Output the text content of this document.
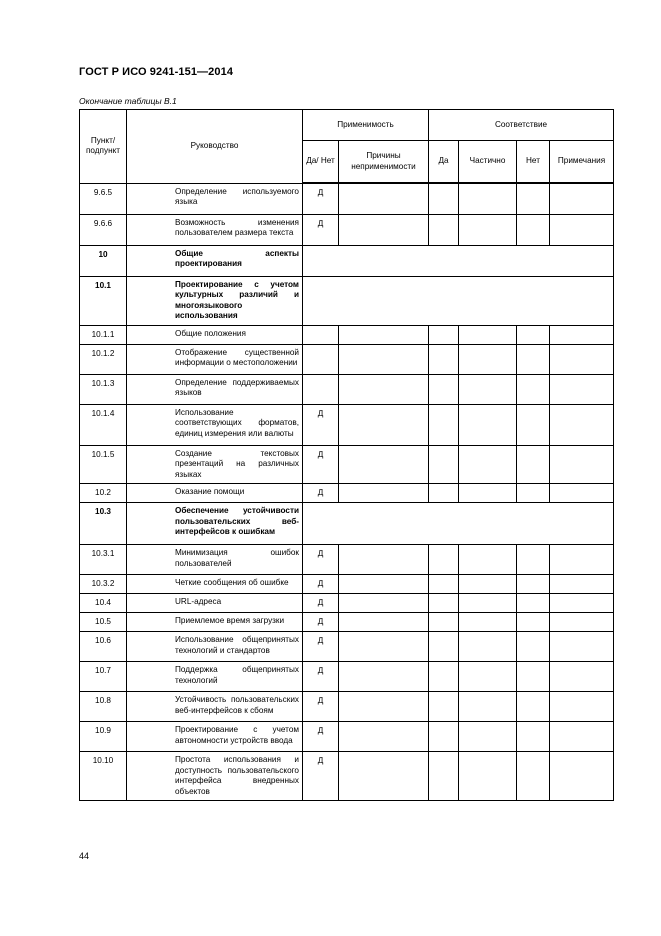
ГОСТ Р ИСО 9241-151—2014
Окончание таблицы В.1
Пункт/ подпункт	Руководство	Применимость		Соответствие			
		Да/ Нет	Причины неприменимости	Да	Частично	Нет	Примечания
9.6.5	Определение используемого языка	Д					
9.6.6	Возможность изменения пользователем размера текста	Д					
10	Общие аспекты проектирования						
10.1	Проектирование с учетом культурных различий и многоязыкового использования						
10.1.1	Общие положения						
10.1.2	Отображение существенной информации о местоположении						
10.1.3	Определение поддерживаемых языков						
10.1.4	Использование соответствующих форматов, единиц измерения или валюты	Д					
10.1.5	Создание текстовых презентаций на различных языках	Д					
10.2	Оказание помощи	Д					
10.3	Обеспечение устойчивости пользовательских веб-интерфейсов к ошибкам						
10.3.1	Минимизация ошибок пользователей	Д					
10.3.2	Четкие сообщения об ошибке	Д					
10.4	URL-адреса	Д					
10.5	Приемлемое время загрузки	Д					
10.6	Использование общепринятых технологий и стандартов	Д					
10.7	Поддержка общепринятых технологий	Д					
10.8	Устойчивость пользовательских веб-интерфейсов к сбоям	Д					
10.9	Проектирование с учетом автономности устройств ввода	Д					
10.10	Простота использования и доступность пользовательского интерфейса внедренных объектов	Д					
44
